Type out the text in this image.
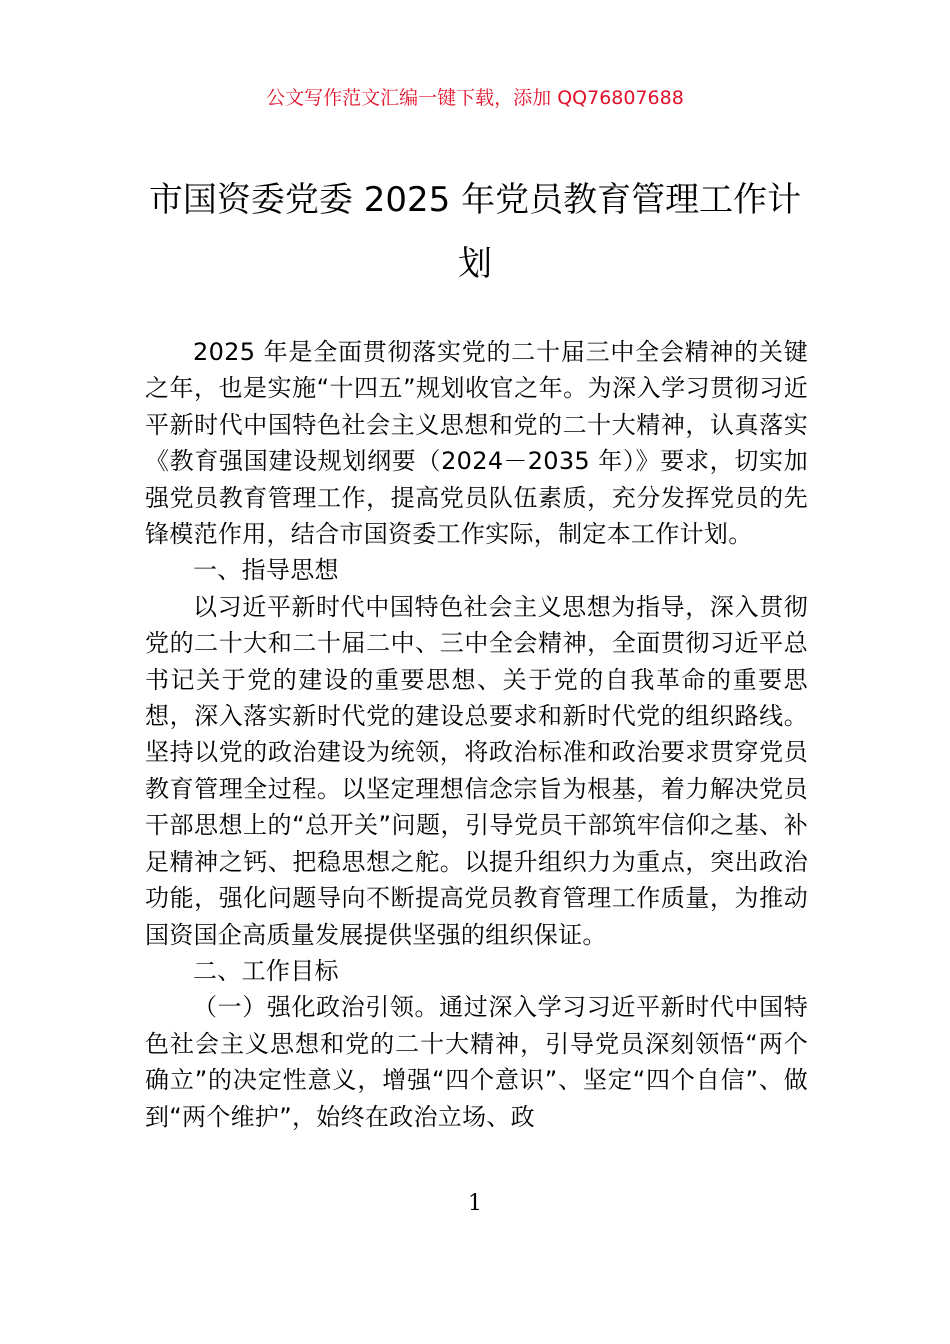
公文写作范文汇编一键下载，添加 QQ76807688
市国资委党委 2025 年党员教育管理工作计划

2025 年是全面贯彻落实党的二十届三中全会精神的关键之年，也是实施“十四五”规划收官之年。为深入学习贯彻习近平新时代中国特色社会主义思想和党的二十大精神，认真落实《教育强国建设规划纲要（2024－2035 年）》要求，切实加强党员教育管理工作，提高党员队伍素质，充分发挥党员的先锋模范作用，结合市国资委工作实际，制定本工作计划。

一、指导思想

以习近平新时代中国特色社会主义思想为指导，深入贯彻党的二十大和二十届二中、三中全会精神，全面贯彻习近平总书记关于党的建设的重要思想、关于党的自我革命的重要思想，深入落实新时代党的建设总要求和新时代党的组织路线。坚持以党的政治建设为统领，将政治标准和政治要求贯穿党员教育管理全过程。以坚定理想信念宗旨为根基，着力解决党员干部思想上的“总开关”问题，引导党员干部筑牢信仰之基、补足精神之钙、把稳思想之舵。以提升组织力为重点，突出政治功能，强化问题导向不断提高党员教育管理工作质量，为推动国资国企高质量发展提供坚强的组织保证。

二、工作目标

（一）强化政治引领。通过深入学习习近平新时代中国特色社会主义思想和党的二十大精神，引导党员深刻领悟“两个确立”的决定性意义，增强“四个意识”、坚定“四个自信”、做到“两个维护”，始终在政治立场、政

1
